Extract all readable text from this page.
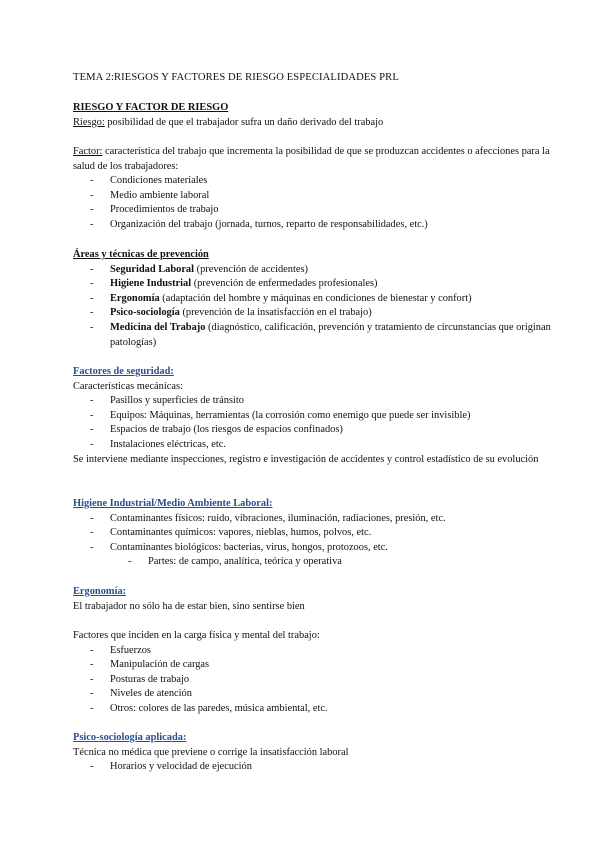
TEMA 2:RIESGOS Y FACTORES DE RIESGO ESPECIALIDADES PRL
RIESGO Y FACTOR DE RIESGO
Riesgo: posibilidad de que el trabajador sufra un daño derivado del trabajo
Factor: característica del trabajo que incrementa la posibilidad de que se produzcan accidentes o afecciones para la salud de los trabajadores:
- Condiciones materiales
- Medio ambiente laboral
- Procedimientos de trabajo
- Organización del trabajo (jornada, turnos, reparto de responsabilidades, etc.)
Áreas y técnicas de prevención
- Seguridad Laboral (prevención de accidentes)
- Higiene Industrial (prevención de enfermedades profesionales)
- Ergonomía (adaptación del hombre y máquinas en condiciones de bienestar y confort)
- Psico-sociología (prevención de la insatisfacción en el trabajo)
- Medicina del Trabajo (diagnóstico, calificación, prevención y tratamiento de circunstancias que originan patologías)
Factores de seguridad:
Características mecánicas:
- Pasillos y superficies de tránsito
- Equipos: Máquinas, herramientas (la corrosión como enemigo que puede ser invisible)
- Espacios de trabajo (los riesgos de espacios confinados)
- Instalaciones eléctricas, etc.
Se interviene mediante inspecciones, registro e investigación de accidentes y control estadístico de su evolución
Higiene Industrial/Medio Ambiente Laboral:
- Contaminantes físicos: ruido, vibraciones, iluminación, radiaciones, presión, etc.
- Contaminantes químicos: vapores, nieblas, humos, polvos, etc.
- Contaminantes biológicos: bacterias, virus, hongos, protozoos, etc.
- Partes: de campo, analítica, teórica y operativa
Ergonomía:
El trabajador no sólo ha de estar bien, sino sentirse bien
Factores que inciden en la carga física y mental del trabajo:
- Esfuerzos
- Manipulación de cargas
- Posturas de trabajo
- Niveles de atención
- Otros: colores de las paredes, música ambiental, etc.
Psico-sociología aplicada:
Técnica no médica que previene o corrige la insatisfacción laboral
- Horarios y velocidad de ejecución
